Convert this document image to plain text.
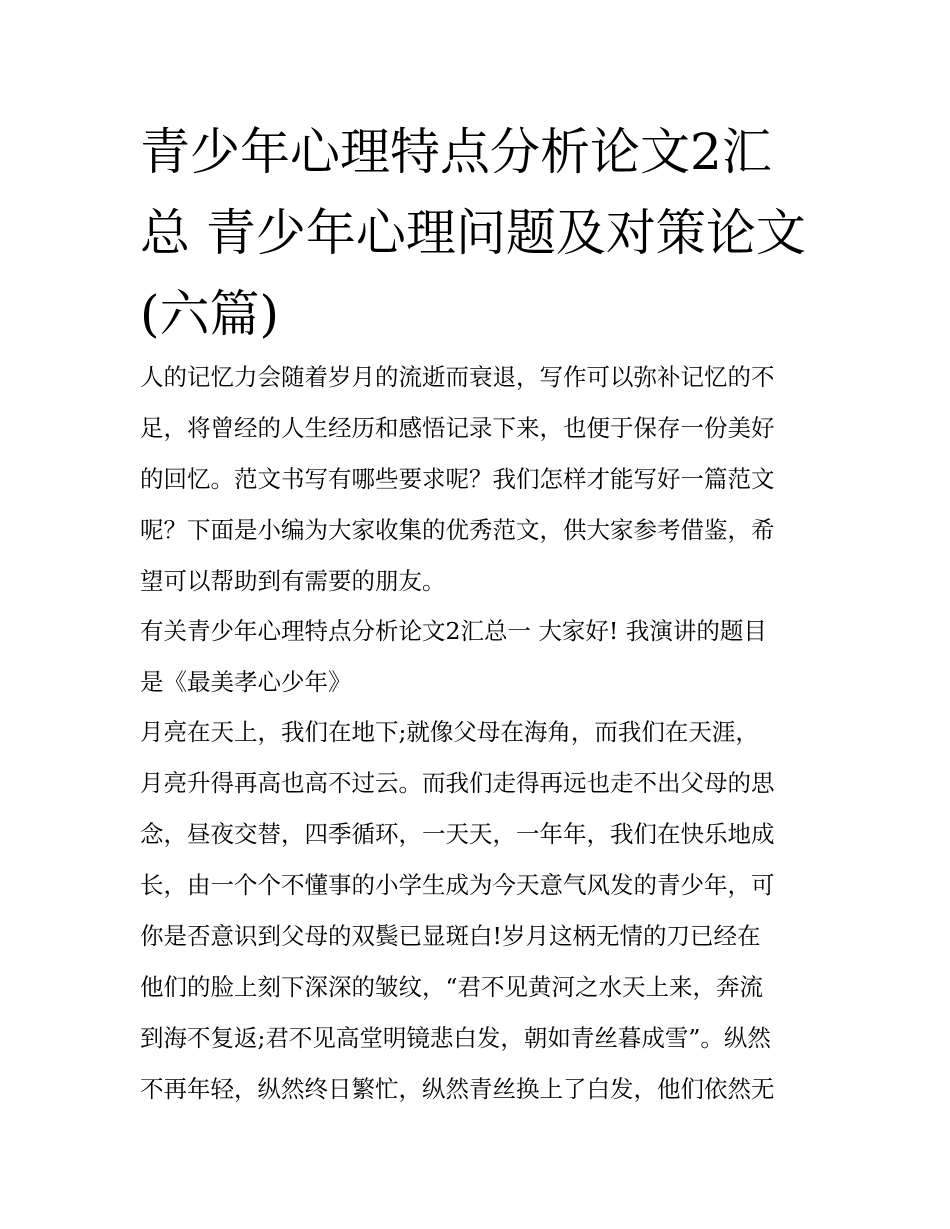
青少年心理特点分析论文2汇
总 青少年心理问题及对策论文
(六篇)
人的记忆力会随着岁月的流逝而衰退，写作可以弥补记忆的不
足，将曾经的人生经历和感悟记录下来，也便于保存一份美好
的回忆。范文书写有哪些要求呢？我们怎样才能写好一篇范文
呢？下面是小编为大家收集的优秀范文，供大家参考借鉴，希
望可以帮助到有需要的朋友。
有关青少年心理特点分析论文2汇总一 大家好! 我演讲的题目
是《最美孝心少年》
月亮在天上，我们在地下;就像父母在海角，而我们在天涯，
月亮升得再高也高不过云。而我们走得再远也走不出父母的思
念，昼夜交替，四季循环，一天天，一年年，我们在快乐地成
长，由一个个不懂事的小学生成为今天意气风发的青少年，可
你是否意识到父母的双鬓已显斑白!岁月这柄无情的刀已经在
他们的脸上刻下深深的皱纹，“君不见黄河之水天上来，奔流
到海不复返;君不见高堂明镜悲白发，朝如青丝暮成雪”。纵然
不再年轻，纵然终日繁忙，纵然青丝换上了白发，他们依然无
